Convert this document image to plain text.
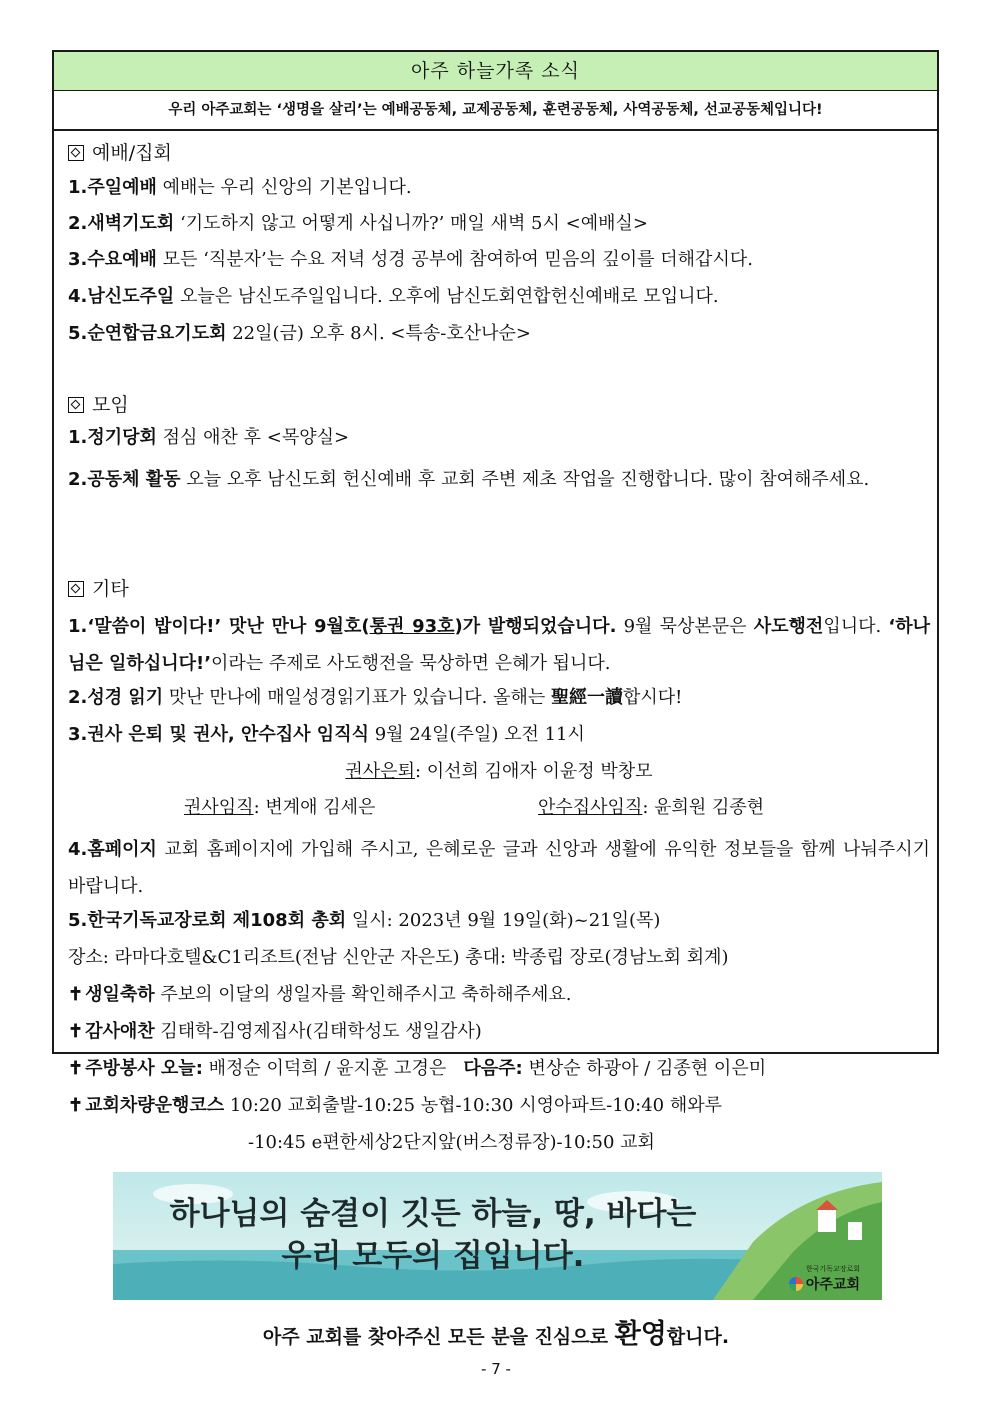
아주 하늘가족 소식
우리 아주교회는 ‘생명을 살리’는 예배공동체, 교제공동체, 훈련공동체, 사역공동체, 선교공동체입니다!
예배/집회
1.주일예배 예배는 우리 신앙의 기본입니다.
2.새벽기도회 ‘기도하지 않고 어떻게 사십니까?’ 매일 새벽 5시 <예배실>
3.수요예배 모든 ‘직분자’는 수요 저녁 성경 공부에 참여하여 믿음의 깊이를 더해갑시다.
4.남신도주일 오늘은 남신도주일입니다. 오후에 남신도회연합헌신예배로 모입니다.
5.순연합금요기도회 22일(금) 오후 8시. <특송-호산나순>
모임
1.정기당회 점심 애찬 후 <목양실>
2.공동체 활동 오늘 오후 남신도회 헌신예배 후 교회 주변 제초 작업을 진행합니다. 많이 참여해주세요.
기타
1.‘말씀이 밥이다!’ 맛난 만나 9월호(통권 93호)가 발행되었습니다. 9월 묵상본문은 사도행전입니다. ‘하나님은 일하십니다!’이라는 주제로 사도행전을 묵상하면 은혜가 됩니다.
2.성경 읽기 맛난 만나에 매일성경읽기표가 있습니다. 올해는 聖經一讀합시다!
3.권사 은퇴 및 권사, 안수집사 임직식 9월 24일(주일) 오전 11시
권사은퇴: 이선희 김애자 이윤정 박창모
권사임직: 변계애 김세은	안수집사임직: 윤희원 김종현
4.홈페이지 교회 홈페이지에 가입해 주시고, 은혜로운 글과 신앙과 생활에 유익한 정보들을 함께 나눠주시기 바랍니다.
5.한국기독교장로회 제108회 총회 일시: 2023년 9월 19일(화)~21일(목)
장소: 라마다호텔&C1리조트(전남 신안군 자은도) 총대: 박종립 장로(경남노회 회계)
✝ 생일축하 주보의 이달의 생일자를 확인해주시고 축하해주세요.
✝ 감사애찬 김태학-김영제집사(김태학성도 생일감사)
✝ 주방봉사 오늘: 배정순 이덕희 / 윤지훈 고경은 다음주: 변상순 하광아 / 김종현 이은미
✝ 교회차량운행코스 10:20 교회출발-10:25 농협-10:30 시영아파트-10:40 해와루
-10:45 e편한세상2단지앞(버스정류장)-10:50 교회
하나님의 숨결이 깃든 하늘, 땅, 바다는
우리 모두의 집입니다.	한국기독교장로회
아주교회
아주 교회를 찾아주신 모든 분을 진심으로 환영합니다.
- 7 -
